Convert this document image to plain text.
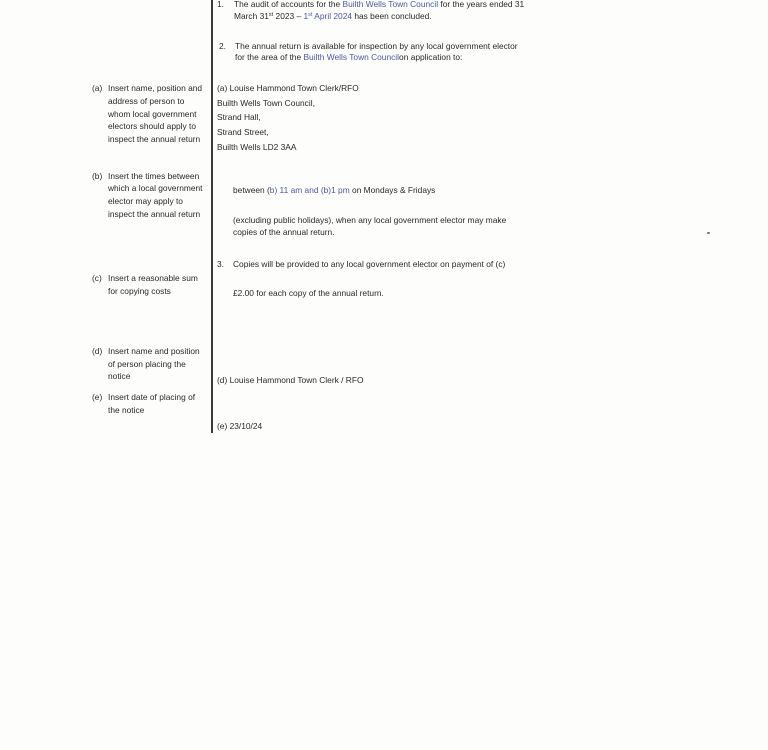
1. The audit of accounts for the Builth Wells Town Council for the years ended 31
March 31st 2023 – 1st April 2024 has been concluded.
2. The annual return is available for inspection by any local government elector
for the area of the Builth Wells Town Councilon application to:
(a) Louise Hammond Town Clerk/RFO
Builth Wells Town Council,
Strand Hall,
Strand Street,
Builth Wells LD2 3AA
between (b) 11 am and (b)1 pm on Mondays & Fridays
(excluding public holidays), when any local government elector may make
copies of the annual return.
3. Copies will be provided to any local government elector on payment of (c)
£2.00 for each copy of the annual return.
(d) Louise Hammond Town Clerk / RFO
(e) 23/10/24
(a) Insert name, position and
address of person to
whom local government
electors should apply to
inspect the annual return
(b) Insert the times between
which a local government
elector may apply to
inspect the annual return
(c) Insert a reasonable sum
for copying costs
(d) Insert name and position
of person placing the
notice
(e) Insert date of placing of
the notice
